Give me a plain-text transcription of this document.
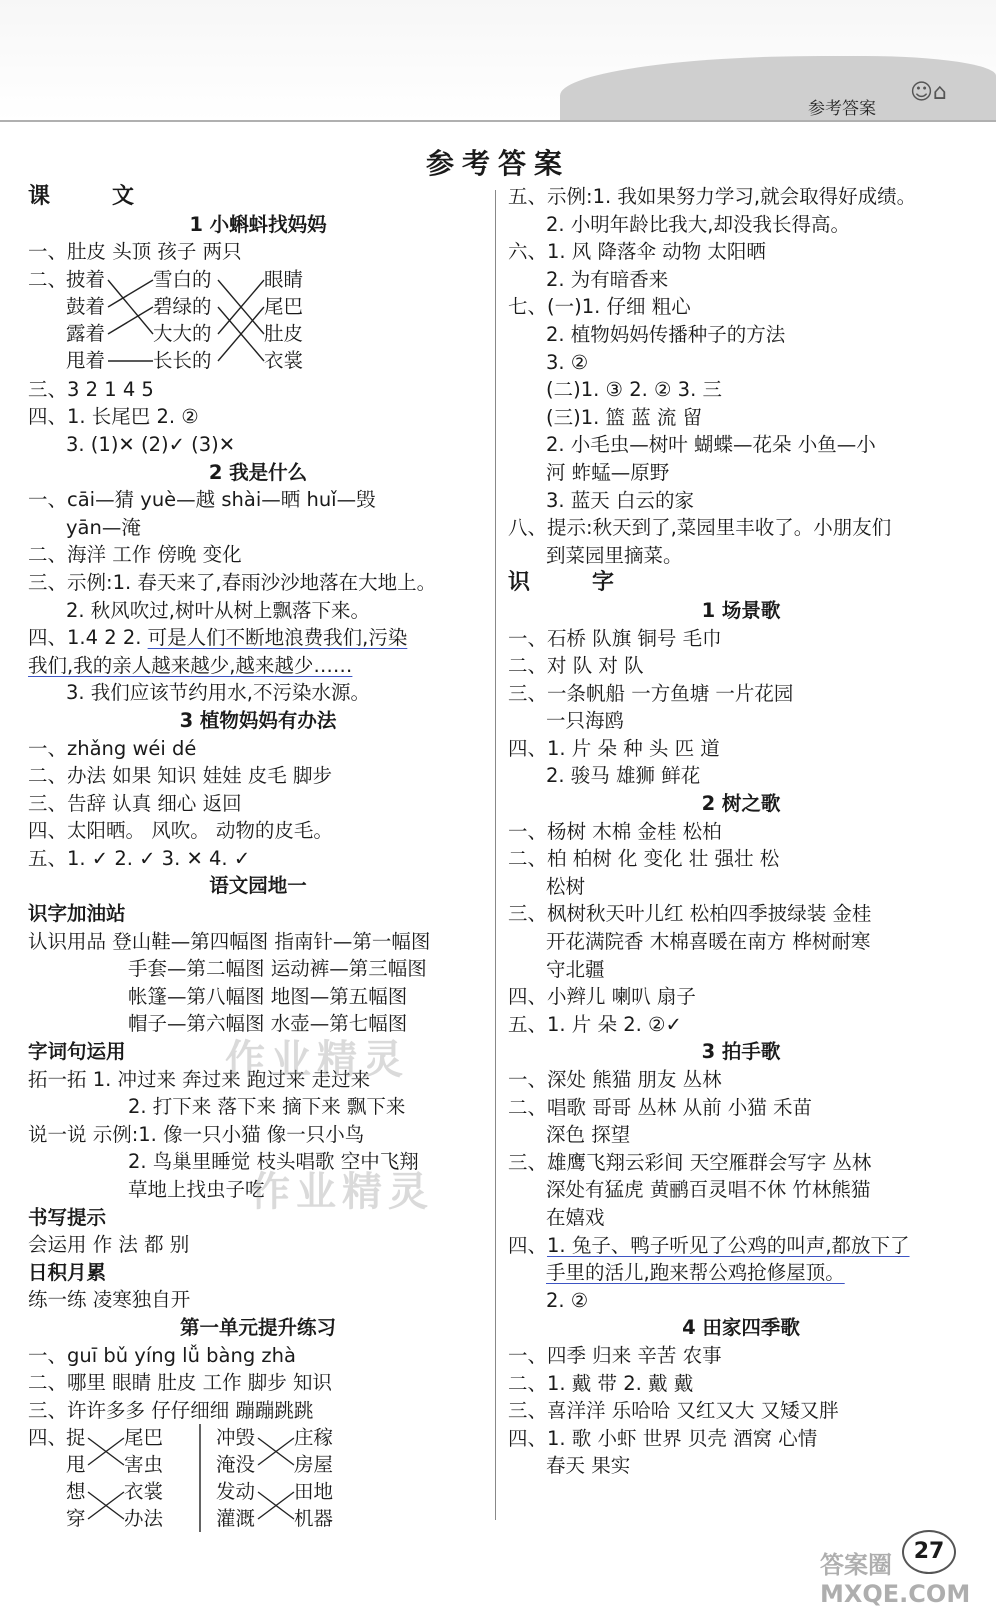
参考答案
☺⌂
参考答案
课文
1 小蝌蚪找妈妈
一、肚皮 头顶 孩子 两只
二、
披着
鼓着
露着
甩着
雪白的
碧绿的
大大的
长长的
眼睛
尾巴
肚皮
衣裳
三、3 2 1 4 5
四、1. 长尾巴 2. ②
3. (1)✕ (2)✓ (3)✕
2 我是什么
一、cāi—猜 yuè—越 shài—晒 huǐ—毁
yān—淹
二、海洋 工作 傍晚 变化
三、示例:1. 春天来了,春雨沙沙地落在大地上。
2. 秋风吹过,树叶从树上飘落下来。
四、1.4 2 2. 可是人们不断地浪费我们,污染
我们,我的亲人越来越少,越来越少……
3. 我们应该节约用水,不污染水源。
3 植物妈妈有办法
一、zhǎng wéi dé
二、办法 如果 知识 娃娃 皮毛 脚步
三、告辞 认真 细心 返回
四、太阳晒。 风吹。 动物的皮毛。
五、1. ✓ 2. ✓ 3. ✕ 4. ✓
语文园地一
识字加油站
认识用品 登山鞋—第四幅图 指南针—第一幅图
手套—第二幅图 运动裤—第三幅图
帐篷—第八幅图 地图—第五幅图
帽子—第六幅图 水壶—第七幅图
字词句运用
拓一拓 1. 冲过来 奔过来 跑过来 走过来
2. 打下来 落下来 摘下来 飘下来
说一说 示例:1. 像一只小猫 像一只小鸟
2. 鸟巢里睡觉 枝头唱歌 空中飞翔
草地上找虫子吃
书写提示
会运用 作 法 都 别
日积月累
练一练 凌寒独自开
第一单元提升练习
一、guī bǔ yíng lǚ bàng zhà
二、哪里 眼睛 肚皮 工作 脚步 知识
三、许许多多 仔仔细细 蹦蹦跳跳
四、
捉
甩
想
穿
尾巴
害虫
衣裳
办法
冲毁
淹没
发动
灌溉
庄稼
房屋
田地
机器
五、示例:1. 我如果努力学习,就会取得好成绩。
2. 小明年龄比我大,却没我长得高。
六、1. 风 降落伞 动物 太阳晒
2. 为有暗香来
七、(一)1. 仔细 粗心
2. 植物妈妈传播种子的方法
3. ②
(二)1. ③ 2. ② 3. 三
(三)1. 篮 蓝 流 留
2. 小毛虫—树叶 蝴蝶—花朵 小鱼—小
河 蚱蜢—原野
3. 蓝天 白云的家
八、提示:秋天到了,菜园里丰收了。小朋友们
到菜园里摘菜。
识字
1 场景歌
一、石桥 队旗 铜号 毛巾
二、对 队 对 队
三、一条帆船 一方鱼塘 一片花园
一只海鸥
四、1. 片 朵 种 头 匹 道
2. 骏马 雄狮 鲜花
2 树之歌
一、杨树 木棉 金桂 松柏
二、柏 柏树 化 变化 壮 强壮 松
松树
三、枫树秋天叶儿红 松柏四季披绿装 金桂
开花满院香 木棉喜暖在南方 桦树耐寒
守北疆
四、小辫儿 喇叭 扇子
五、1. 片 朵 2. ②✓
3 拍手歌
一、深处 熊猫 朋友 丛林
二、唱歌 哥哥 丛林 从前 小猫 禾苗
深色 探望
三、雄鹰飞翔云彩间 天空雁群会写字 丛林
深处有猛虎 黄鹂百灵唱不休 竹林熊猫
在嬉戏
四、1. 兔子、鸭子听见了公鸡的叫声,都放下了
手里的活儿,跑来帮公鸡抢修屋顶。
2. ②
4 田家四季歌
一、四季 归来 辛苦 农事
二、1. 戴 带 2. 戴 戴
三、喜洋洋 乐哈哈 又红又大 又矮又胖
四、1. 歌 小虾 世界 贝壳 酒窝 心情
春天 果实
作业精灵
作业精灵
27
答案圈 MXQE.COM
